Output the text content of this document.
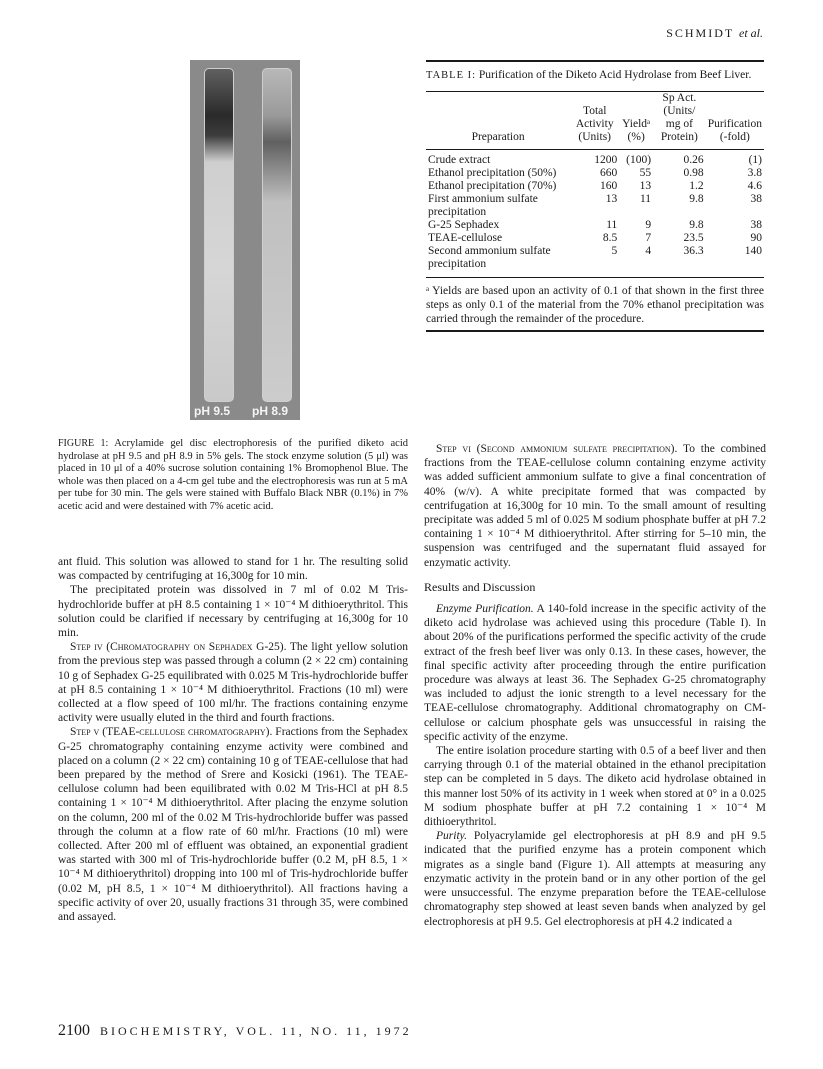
SCHMIDT et al.
pH 9.5 pH 8.9
FIGURE 1: Acrylamide gel disc electrophoresis of the purified diketo acid hydrolase at pH 9.5 and pH 8.9 in 5% gels. The stock enzyme solution (5 μl) was placed in 10 μl of a 40% sucrose solution containing 1% Bromophenol Blue. The whole was then placed on a 4-cm gel tube and the electrophoresis was run at 5 mA per tube for 30 min. The gels were stained with Buffalo Black NBR (0.1%) in 7% acetic acid and were destained with 7% acetic acid.
TABLE I: Purification of the Diketo Acid Hydrolase from Beef Liver.
Preparation	Total Activity (Units)	Yieldᵃ (%)	Sp Act. (Units/ mg of Protein)	Purification (-fold)

Crude extract	1200	(100)	0.26	(1)
Ethanol precipitation (50%)	660	55	0.98	3.8
Ethanol precipitation (70%)	160	13	1.2	4.6
First ammonium sulfate precipitation	13	11	9.8	38
G-25 Sephadex	11	9	9.8	38
TEAE-cellulose	8.5	7	23.5	90
Second ammonium sulfate precipitation	5	4	36.3	140
ᵃ Yields are based upon an activity of 0.1 of that shown in the first three steps as only 0.1 of the material from the 70% ethanol precipitation was carried through the remainder of the procedure.

ant fluid. This solution was allowed to stand for 1 hr. The resulting solid was compacted by centrifuging at 16,300g for 10 min.

The precipitated protein was dissolved in 7 ml of 0.02 M Tris-hydrochloride buffer at pH 8.5 containing 1 × 10⁻⁴ M dithioerythritol. This solution could be clarified if necessary by centrifuging at 16,300g for 10 min.

Step iv (Chromatography on Sephadex G-25). The light yellow solution from the previous step was passed through a column (2 × 22 cm) containing 10 g of Sephadex G-25 equilibrated with 0.025 M Tris-hydrochloride buffer at pH 8.5 containing 1 × 10⁻⁴ M dithioerythritol. Fractions (10 ml) were collected at a flow speed of 100 ml/hr. The fractions containing enzyme activity were usually eluted in the third and fourth fractions.

Step v (TEAE-cellulose chromatography). Fractions from the Sephadex G-25 chromatography containing enzyme activity were combined and placed on a column (2 × 22 cm) containing 10 g of TEAE-cellulose that had been prepared by the method of Srere and Kosicki (1961). The TEAE-cellulose column had been equilibrated with 0.02 M Tris-HCl at pH 8.5 containing 1 × 10⁻⁴ M dithioerythritol. After placing the enzyme solution on the column, 200 ml of the 0.02 M Tris-hydrochloride buffer was passed through the column at a flow rate of 60 ml/hr. Fractions (10 ml) were collected. After 200 ml of effluent was obtained, an exponential gradient was started with 300 ml of Tris-hydrochloride buffer (0.2 M, pH 8.5, 1 × 10⁻⁴ M dithioerythritol) dropping into 100 ml of Tris-hydrochloride buffer (0.02 M, pH 8.5, 1 × 10⁻⁴ M dithioerythritol). All fractions having a specific activity of over 20, usually fractions 31 through 35, were combined and assayed.

Step vi (Second ammonium sulfate precipitation). To the combined fractions from the TEAE-cellulose column containing enzyme activity was added sufficient ammonium sulfate to give a final concentration of 40% (w/v). A white precipitate formed that was compacted by centrifugation at 16,300g for 10 min. To the small amount of resulting precipitate was added 5 ml of 0.025 M sodium phosphate buffer at pH 7.2 containing 1 × 10⁻⁴ M dithioerythritol. After stirring for 5–10 min, the suspension was centrifuged and the supernatant fluid assayed for enzymatic activity.

Results and Discussion

Enzyme Purification. A 140-fold increase in the specific activity of the diketo acid hydrolase was achieved using this procedure (Table I). In about 20% of the purifications performed the specific activity of the crude extract of the fresh beef liver was only 0.13. In these cases, however, the final specific activity after proceeding through the entire purification procedure was always at least 36. The Sephadex G-25 chromatography was included to adjust the ionic strength to a level necessary for the TEAE-cellulose chromatography. Additional chromatography on CM-cellulose or calcium phosphate gels was unsuccessful in raising the specific activity of the enzyme.

The entire isolation procedure starting with 0.5 of a beef liver and then carrying through 0.1 of the material obtained in the ethanol precipitation step can be completed in 5 days. The diketo acid hydrolase obtained in this manner lost 50% of its activity in 1 week when stored at 0° in a 0.025 M sodium phosphate buffer at pH 7.2 containing 1 × 10⁻⁴ M dithioerythritol.

Purity. Polyacrylamide gel electrophoresis at pH 8.9 and pH 9.5 indicated that the purified enzyme has a protein component which migrates as a single band (Figure 1). All attempts at measuring any enzymatic activity in the protein band or in any other portion of the gel were unsuccessful. The enzyme preparation before the TEAE-cellulose chromatography step showed at least seven bands when analyzed by gel electrophoresis at pH 9.5. Gel electrophoresis at pH 4.2 indicated a

2100 BIOCHEMISTRY, VOL. 11, NO. 11, 1972
